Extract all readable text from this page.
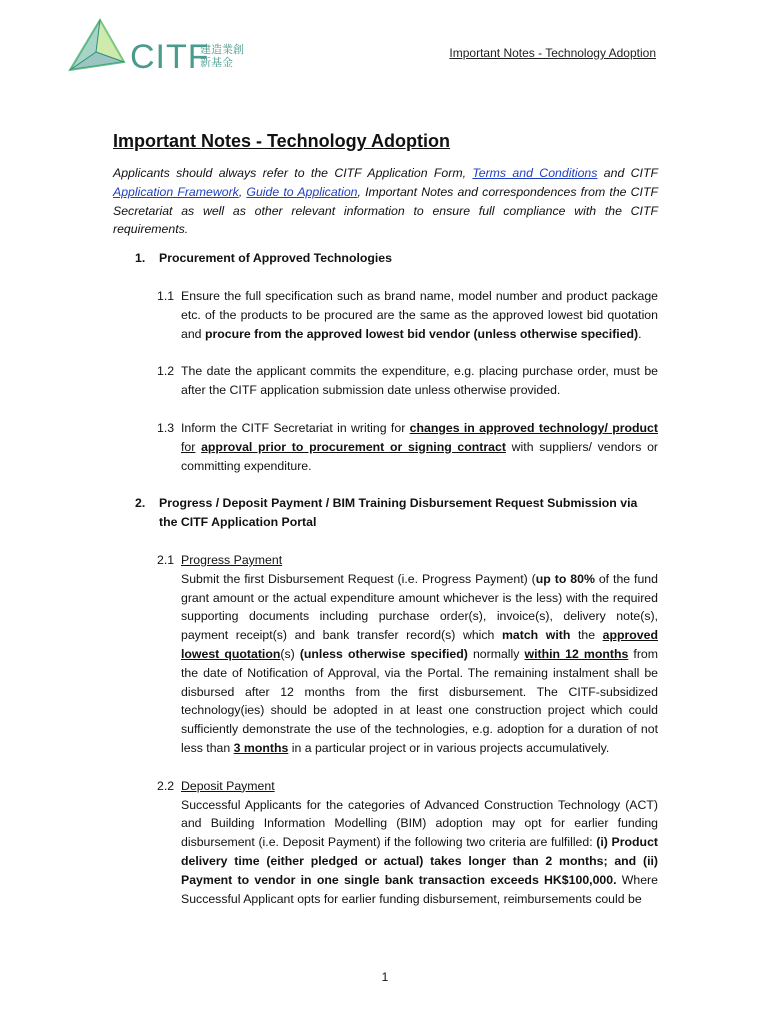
CITF
建造業創新基金
Important Notes - Technology Adoption
Important Notes - Technology Adoption

Applicants should always refer to the CITF Application Form, Terms and Conditions and CITF Application Framework, Guide to Application, Important Notes and correspondences from the CITF Secretariat as well as other relevant information to ensure full compliance with the CITF requirements.

1.	Procurement of Approved Technologies
1.1 Ensure the full specification such as brand name, model number and product package etc. of the products to be procured are the same as the approved lowest bid quotation and procure from the approved lowest bid vendor (unless otherwise specified).
1.2 The date the applicant commits the expenditure, e.g. placing purchase order, must be after the CITF application submission date unless otherwise provided.
1.3 Inform the CITF Secretariat in writing for changes in approved technology/ product for approval prior to procurement or signing contract with suppliers/ vendors or committing expenditure.
2.	Progress / Deposit Payment / BIM Training Disbursement Request Submission via the CITF Application Portal
2.1 Progress Payment
Submit the first Disbursement Request (i.e. Progress Payment) (up to 80% of the fund grant amount or the actual expenditure amount whichever is the less) with the required supporting documents including purchase order(s), invoice(s), delivery note(s), payment receipt(s) and bank transfer record(s) which match with the approved lowest quotation(s) (unless otherwise specified) normally within 12 months from the date of Notification of Approval, via the Portal. The remaining instalment shall be disbursed after 12 months from the first disbursement. The CITF-subsidized technology(ies) should be adopted in at least one construction project which could sufficiently demonstrate the use of the technologies, e.g. adoption for a duration of not less than 3 months in a particular project or in various projects accumulatively.
2.2 Deposit Payment
Successful Applicants for the categories of Advanced Construction Technology (ACT) and Building Information Modelling (BIM) adoption may opt for earlier funding disbursement (i.e. Deposit Payment) if the following two criteria are fulfilled: (i) Product delivery time (either pledged or actual) takes longer than 2 months; and (ii) Payment to vendor in one single bank transaction exceeds HK$100,000. Where Successful Applicant opts for earlier funding disbursement, reimbursements could be
1
